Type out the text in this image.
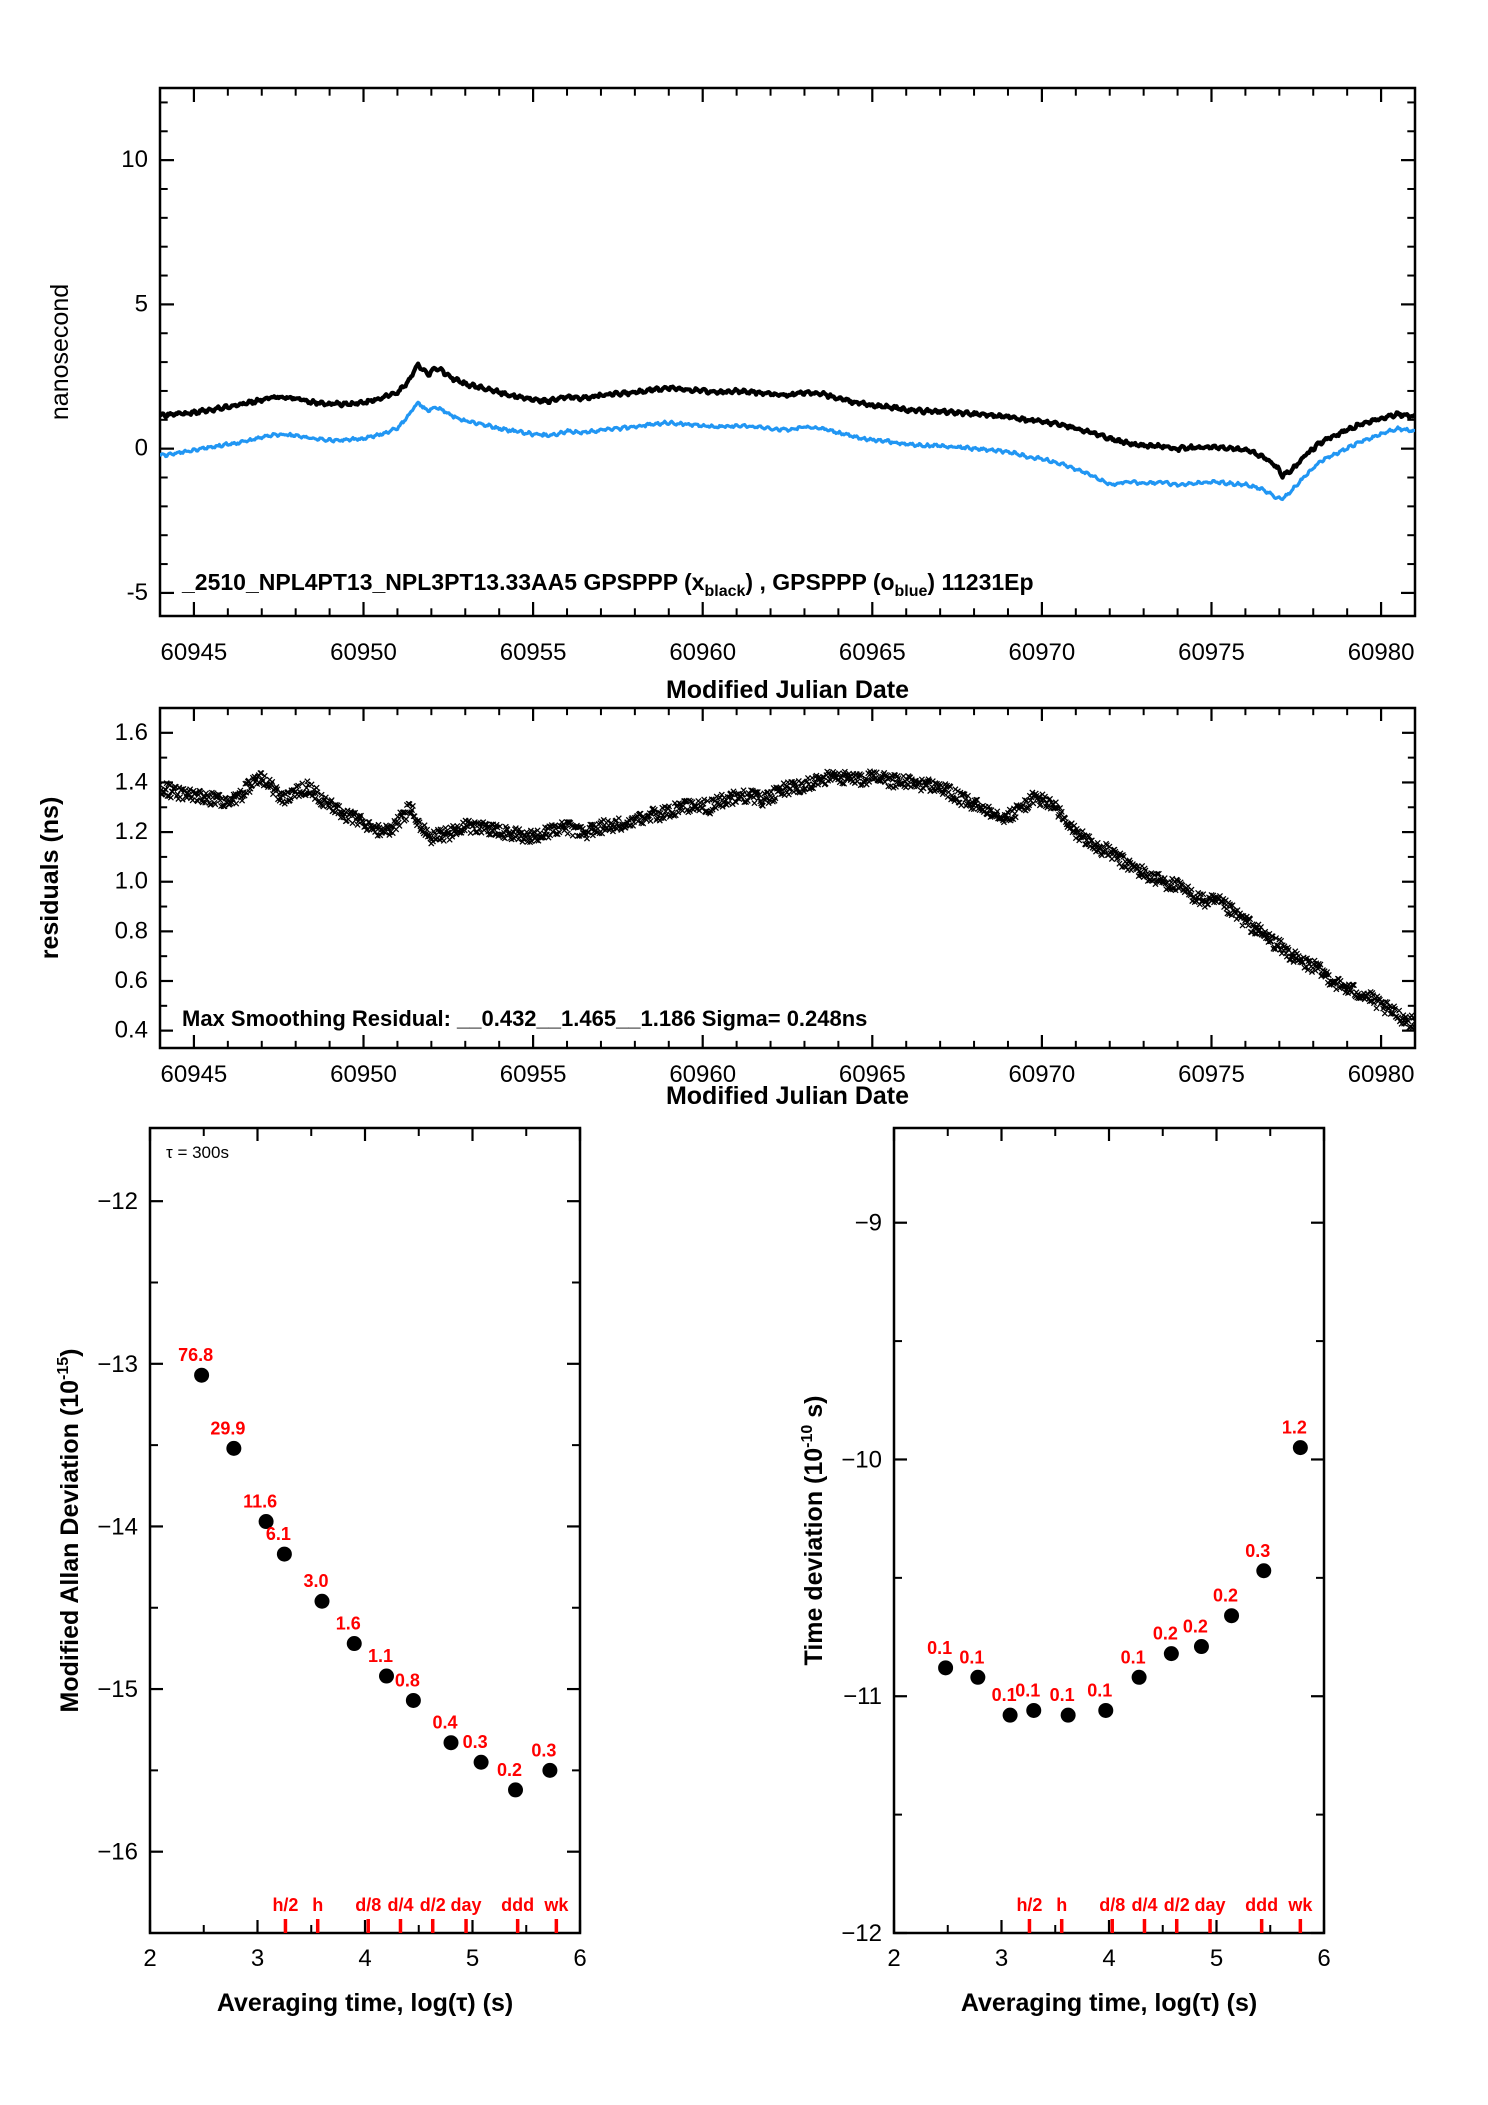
60945	60950	60955	60960	60965	60970	60975	60980
-5
0
5
10
Modified Julian Date
nanosecond
_2510_NPL4PT13_NPL3PT13.33AA5 GPSPPP $(x_{black})$ , GPSPPP $(o_{blue})$ 11231Ep
60945	60950	60955	60960	60965	60970	60975	60980
0.4
0.6
0.8
1.0
1.2
1.4
1.6
Modified Julian Date
residuals (ns)
Max Smoothing Residual: __0.432__1.465__1.186 Sigma= 0.248ns
2	3	4	5	6
−12
−13
−14
−15
−16
Averaging time, log(τ) (s)
Modified Allan Deviation $(10^{-15})$
τ = 300s
76.8
29.9
11.6
6.1
3.0
1.6
1.1
0.8
0.4
0.3
0.2
0.3
h/2 h d/8 d/4 d/2 day ddd wk
2	3	4	5	6
−9
−10
−11
−12
Averaging time, log(τ) (s)
Time deviation ($10^{-10}$ s)
0.1 0.1
0.1
0.1 0.1 0.1
0.1
0.2 0.2
0.2
0.3
1.2
h/2 h d/8 d/4 d/2 day ddd wk
